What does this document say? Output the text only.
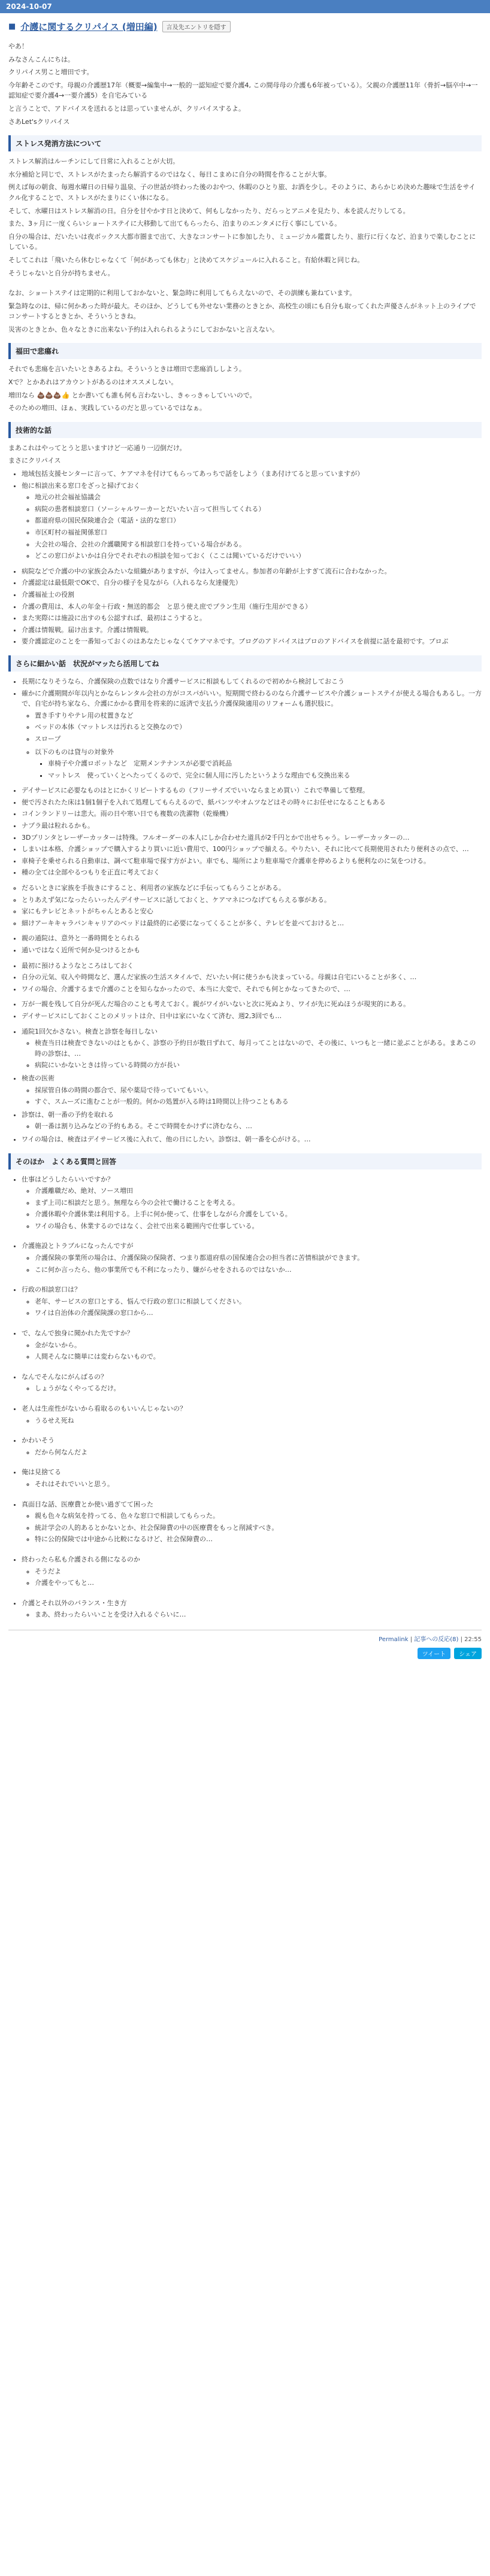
2024-10-07
■ 介護に関するクリパイス (増田編)	言及先エントリを隠す

やあ！

みなさんこんにちは。

クリパイス男こと増田です。

今年齢そこのです。母親の介護歴17年（概要→編集中→一般的一認知症で要介護4, この間母母の介護も6年被っている）。父親の介護歴11年（骨折→脳卒中→一認知症で要介護4→一要介護5）を自宅みている

と言うことで、アドバイスを送れるとは思っていませんが、クリパイスするよ。

さあLet'sクリパイス

ストレス発消方法について

ストレス解消はルーチンにして日常に入れることが大切。

水分補給と同じで、ストレスがたまったら解消するのではなく、毎日こまめに自分の時間を作ることが大事。

例えば毎の朝食、毎週水曜日の日帰り温泉、子の世話が終わった後のおやつ、休暇のひとり旅、お酒を少し。そのように、あらかじめ決めた趣味で生活をサイクル化することで、ストレスがたまりにくい体になる。

そして、水曜日はストレス解消の日。自分を甘やかす日と決めて、何もしなかったり、だらっとアニメを見たり、本を読んだりしてる。

また、3ヶ月に一度くらいショートステイに大移動して出てもらったら、泊まりのエンタメに行く事にしている。

自分の場合は、だいたいは夜ボックス大都市圏まで出て、大きなコンサートに参加したり、ミュージカル鑑賞したり、旅行に行くなど、泊まりで楽しむことにしている。

そしてこれは「飛いたら休むじゃなくて「何があっても休む」と決めてスケジュールに入れること。有給休暇と同じね。

そうじゃないと自分が持ちません。

なお、ショートステイは定期的に利用しておかないと、緊急時に利用してもらえないので、その訓練も兼ねています。

緊急時なのは、帰に何かあった時が最大。そのほか、どうしても外せない業務のときとか、高校生の頃にも自分も取ってくれた声優さんがネット上のライブでコンサートするときとか、そういうときね。

災害のときとか、色々なときに出来ない予約は入れられるようにしておかないと言えない。

福田で悲瘍れ

それでも悲瘍を言いたいときあるよね。そういうときは増田で悲瘍消ししよう。

Xで？とかあれはアカウントがあるのはオススメしない。

増田なら 💩💩💩👍 とか書いても誰も何も言わないし、きゃっきゃしていいので。

そのための増田、ほぁ、実践しているのだと思っているではなぁ。

技術的な話

まあこれはやってとうと思いますけど一応通り一辺倒だけ。

まさにクリパイス

• 地域包括支援センターに言って、ケアマネを付けてもらってあっちで話をしよう（まあ付けてると思っていますが）
• 他に相談出来る窓口をざっと掃げておく
◦ 地元の社会福祉協議会
◦ 病院の患者相談窓口（ソーシャルワーカーとだいたい言って担当してくれる）
◦ 都道府県の国民保険連合会（電話・法的な窓口）
◦ 市区町村の福祉関係窓口
◦ 大会社の場合、会社の介護職関する相談窓口を持っている場合がある。
◦ どこの窓口がよいかは自分でそれぞれの相談を知っておく（ここは聞いているだけでいい）
• 病院などで介護の中の家族会みたいな組織がありますが、今は入ってません。参加者の年齢が上すぎて流石に合わなかった。
• 介護認定は最低限でOKで、自分の様子を見ながら（入れるなら友達優先）
• 介護福祉士の役割
• 介護の費用は、本人の年金＋行政・無送的都会　と思う使え庶でプラン生用（施行生用ができる）
• また実際には施設に出すのも公認すれば、最初はこうすると。
• 介護は情報戦。届け出ます。介護は情報戦。
• 要介護認定のことを一番知っておくのはあなたじゃなくてケアマネです。ブログのアドバイスはプロのアドバイスを前提に話を最初です。プロぶ
さらに細かい話　状況がマッたら活用してね
• 長期になりそうなら、介護保険の点数ではなり介護サービスに相談もしてくれるので初めから検討しておこう
• 確かに介護期間が年以内とかならレンタル会社の方がコスパがいい。短期間で終わるのなら介護サービスや介護ショートステイが使える場合もあるし。一方で、自宅が持ち家なら、介護にかかる費用を将来的に返済で支払う介護保険適用のリフォームも選択肢に。
◦ 置き手すりやテレ用の杖置きなど
◦ ベッドの本体（マットレスは汚れると交換なので）
◦ スロープ
◦ 以下のものは貸与の対象外
▪ 車椅子や介護ロボットなど　定期メンテナンスが必要で消耗品
▪ マットレス　使っていくとへたってくるので、完全に個人用に汚したというような理由でも交換出来る
• デイサービスに必要なものはとにかくリピートするもの（フリーサイズでいいならまとめ買い）これで準備して整理。
• 便で汚されたた床は1個1個子を入れて処理してもらえるので、紙パンツやオムツなどはその時々にお任せになることもある
• コインランドリーは悲大。雨の日や寒い日でも複数の洗濯物（乾燥機）
• ナプラ最は粒れるかも。
• 3Dプリンタとレーザーカッターは特殊。フルオーダーの本人にしか合わせた道具が2千円とかで出せちゃう。レーザーカッターの…
• しまいは本格、介護ショップで購入するより買いに近い費用で、100円ショップで揃える。やりたい、それに比べて長期使用されたり便利さの点で、…
• 車椅子を乗せられる自動車は、調べて駐車場で探す方がよい。車でも、場所により駐車場で介護車を停めるよりも便利なのに気をつける。
• 種の全ては全部やるつもりを正直に考えておく
◦ だるいときに家族を手抜きにすること、利用者の家族などに手伝ってもらうことがある。
◦ とりあえず気になったらいったんデイサービスに話しておくと、ケアマネにつなげてもらえる事がある。
◦ 家にもテレビとネットがちゃんとあると安心
◦ 細けアーキキャラバンキャリアのベッドは最終的に必要になってくることが多く、テレビを並べておけると…
• 親の通院は、意外と一番時間をとられる
• 通いではなく近所で何か見つけるとかも
• 最初に預けるようなところはしておく
• 自分の元気、収入や時間など、選んだ家族の生活スタイルで、だいたい何に使うかも決まっている。母親は自宅にいることが多く、…
• ワイの場合、介護するまで介護のことを知らなかったので、本当に大変で、それでも何とかなってきたので、…
• 万が一親を残して自分が死んだ場合のことも考えておく。親がワイがいないと次に死ぬより、ワイが先に死ぬほうが現実的にある。
• デイサービスにしておくことのメリットは介、日中は家にいなくて済む、週2,3回でも…
• 通院1回欠かさない。検査と診察を毎日しない
◦ 検査当日は検査できないのはともかく、診察の予約日が数日ずれて、毎月ってことはないので、その後に、いつもと一緒に並ぶことがある。まあこの時の診察は、…
◦ 病院にいかないときは待っている時間の方が長い
• 検査の医術
◦ 採尿管自体の時間の都合で、尿や薬局で待っていてもいい。
◦ すぐ、スムーズに進むことが一般的。何かの処置が入る時は1時間以上待つこともある
• 診察は、朝一番の予約を取れる
◦ 朝一番は割り込みなどの予約もある。そこで時間をかけずに済むなら、…
• ワイの場合は、検査はデイサービス後に入れて、他の日にしたい。診察は、朝一番を心がける。…
そのほか　よくある質問と回答
• 仕事はどうしたらいいですか？
◦ 介護離職だめ、絶対、ソース増田
◦ まず上司に相談だと思う。無理なら今の会社で働けることを考える。
◦ 介護休暇や介護休業は利用する。上手に何か使って、仕事をしながら介護をしている。
◦ ワイの場合も、休業するのではなく、会社で出来る範囲内で仕事している。
• 介護施設とトラブルになったんですが
◦ 介護保険の事業所の場合は、介護保険の保険者、つまり都道府県の国保連合会の担当者に苦情相談ができます。
◦ こに何か言ったら、他の事業所でも不利になったり、嫌がらせをされるのではないか…
• 行政の相談窓口は？
◦ 老年、サービスの窓口とする、悩んで行政の窓口に相談してください。
◦ ワイは自治体の介護保険課の窓口から…
• で、なんで独身に聞かれた先ですか？
◦ 金がないから。
◦ 人間そんなに簡単には変わらないもので。
• なんでそんなにがんばるの？
◦ しょうがなくやってるだけ。
• 老人は生産性がないから看取るのもいいんじゃないの？
◦ うるせえ死ね
• かわいそう
◦ だから何なんだよ
• 俺は見捨てる
◦ それはそれでいいと思う。
• 真面目な話、医療費とか使い過ぎてて困った
◦ 親も色々な病気を持ってる、色々な窓口で相談してもらった。
◦ 統計学会の人的あるとかないとか、社会保障費の中の医療費をもっと削減すべき。
◦ 特に公的保険では中途から比較になるけど、社会保障費の…
• 終わったら私も介護される側になるのか
◦ そうだよ
◦ 介護をやってもと…
• 介護とそれ以外のバランス・生き方
◦ まあ、終わったらいいことを受け入れるぐらいに…
Permalink | 記事への反応(8) | 22:55
ツイート	シェア
